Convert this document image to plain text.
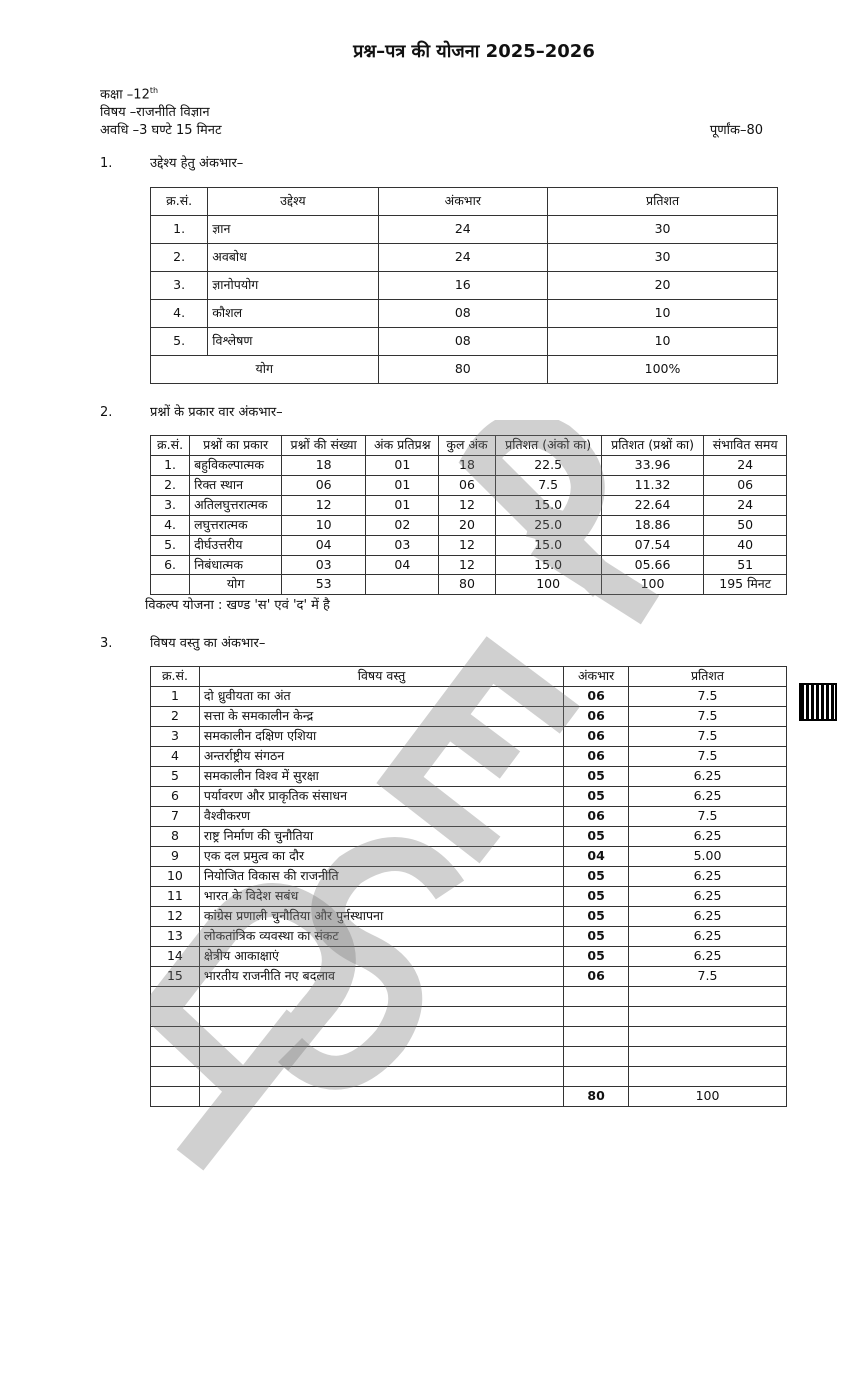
प्रश्न–पत्र की योजना 2025–2026
कक्षा –12th
विषय –राजनीति विज्ञान
अवधि –3 घण्टे 15 मिनट	पूर्णांक–80
1.	उद्देश्य हेतु अंकभार–
क्र.सं.	उद्देश्य	अंकभार	प्रतिशत
1.	ज्ञान	24	30
2.	अवबोध	24	30
3.	ज्ञानोपयोग	16	20
4.	कौशल	08	10
5.	विश्लेषण	08	10
योग		80	100%
2.	प्रश्नों के प्रकार वार अंकभार–
क्र.सं.	प्रश्नों का प्रकार	प्रश्नों की संख्या	अंक प्रतिप्रश्न	कुल अंक	प्रतिशत (अंको का)	प्रतिशत (प्रश्नों का)	संभावित समय
1.	बहुविकल्पात्मक	18	01	18	22.5	33.96	24
2.	रिक्त स्थान	06	01	06	7.5	11.32	06
3.	अतिलघुत्तरात्मक	12	01	12	15.0	22.64	24
4.	लघुत्तरात्मक	10	02	20	25.0	18.86	50
5.	दीर्घउत्तरीय	04	03	12	15.0	07.54	40
6.	निबंधात्मक	03	04	12	15.0	05.66	51
	योग	53		80	100	100	195 मिनट
विकल्प योजना : खण्ड 'स' एवं 'द' में है
3.	विषय वस्तु का अंकभार–
क्र.सं.	विषय वस्तु	अंकभार	प्रतिशत
1	दो ध्रुवीयता का अंत	06	7.5
2	सत्ता के समकालीन केन्द्र	06	7.5
3	समकालीन दक्षिण एशिया	06	7.5
4	अन्तर्राष्ट्रीय संगठन	06	7.5
5	समकालीन विश्व में सुरक्षा	05	6.25
6	पर्यावरण और प्राकृतिक संसाधन	05	6.25
7	वैश्वीकरण	06	7.5
8	राष्ट्र निर्माण की चुनौतिया	05	6.25
9	एक दल प्रमुत्व का दौर	04	5.00
10	नियोजित विकास की राजनीति	05	6.25
11	भारत के विदेश सबंध	05	6.25
12	कांग्रेस प्रणाली चुनौतिया और पुर्नस्थापना	05	6.25
13	लोकतांत्रिक व्यवस्था का संकट	05	6.25
14	क्षेत्रीय आकाक्षाएं	05	6.25
15	भारतीय राजनीति नए बदलाव	06	7.5

		80	100
